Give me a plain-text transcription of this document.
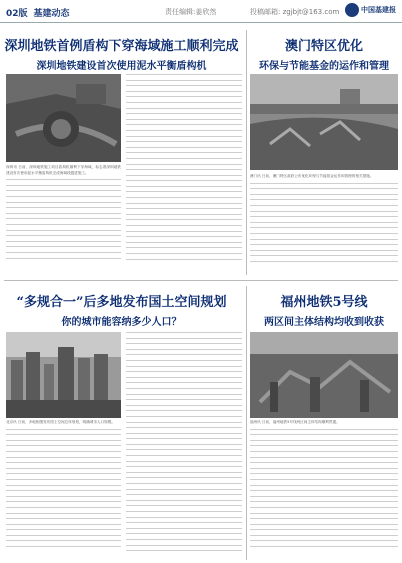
02版 基建动态	责任编辑:姜欣然	投稿邮箱: zgjbjt@163.com	中国基建报
深圳地铁首例盾构下穿海域施工顺利完成
深圳地铁建设首次使用泥水平衡盾构机
深圳讯 日前，深圳地铁施工项目盾构机顺利下穿海域，标志着深圳地铁建设首次使用泥水平衡盾构机完成海域段掘进施工。
澳门特区优化
环保与节能基金的运作和管理
澳门讯 日前，澳门特区政府公布优化环保与节能基金运作和管理的相关措施。
“多规合一”后多地发布国土空间规划
你的城市能容纳多少人口？
北京讯 日前，多地相继发布国土空间总体规划，明确城市人口规模。
福州地铁5号线
两区间主体结构均收到收获
福州讯 日前，福州地铁5号线两区间主体结构顺利贯通。
